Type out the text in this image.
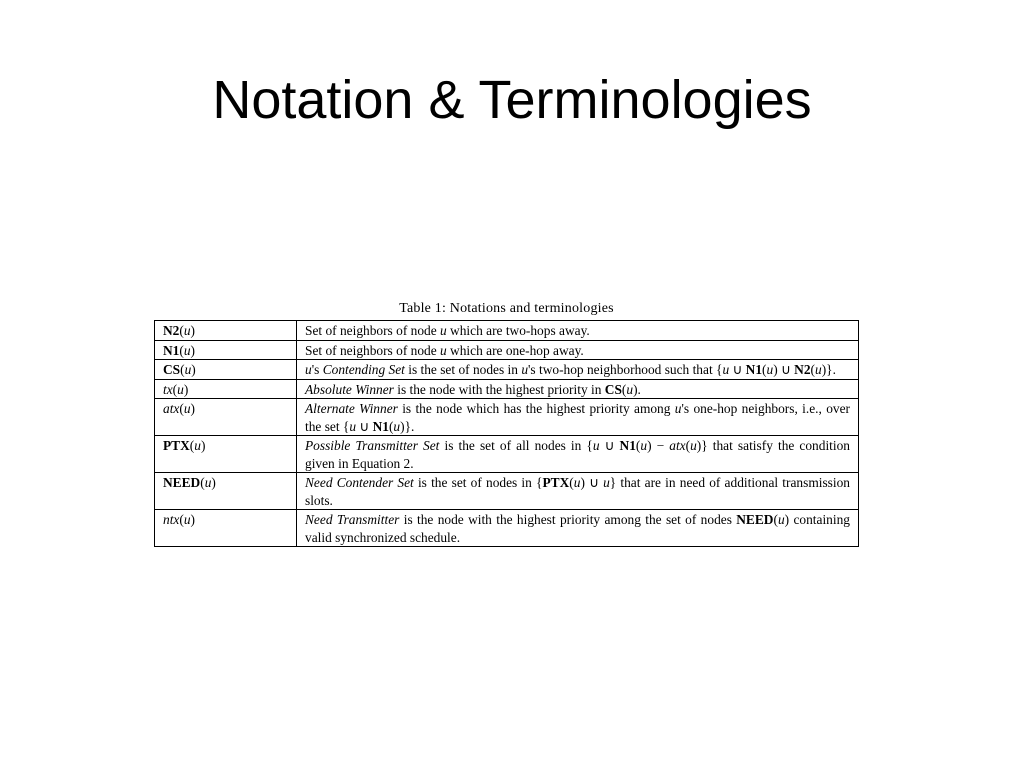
Notation & Terminologies
Table 1: Notations and terminologies
N2(u)	Set of neighbors of node u which are two-hops away.
N1(u)	Set of neighbors of node u which are one-hop away.
CS(u)	u's Contending Set is the set of nodes in u's two-hop neighborhood such that {u ∪ N1(u) ∪ N2(u)}.
tx(u)	Absolute Winner is the node with the highest priority in CS(u).
atx(u)	Alternate Winner is the node which has the highest priority among u's one-hop neighbors, i.e., over the set {u ∪ N1(u)}.
PTX(u)	Possible Transmitter Set is the set of all nodes in {u ∪ N1(u) − atx(u)} that satisfy the condition given in Equation 2.
NEED(u)	Need Contender Set is the set of nodes in {PTX(u) ∪ u} that are in need of additional transmission slots.
ntx(u)	Need Transmitter is the node with the highest priority among the set of nodes NEED(u) containing valid synchronized schedule.
